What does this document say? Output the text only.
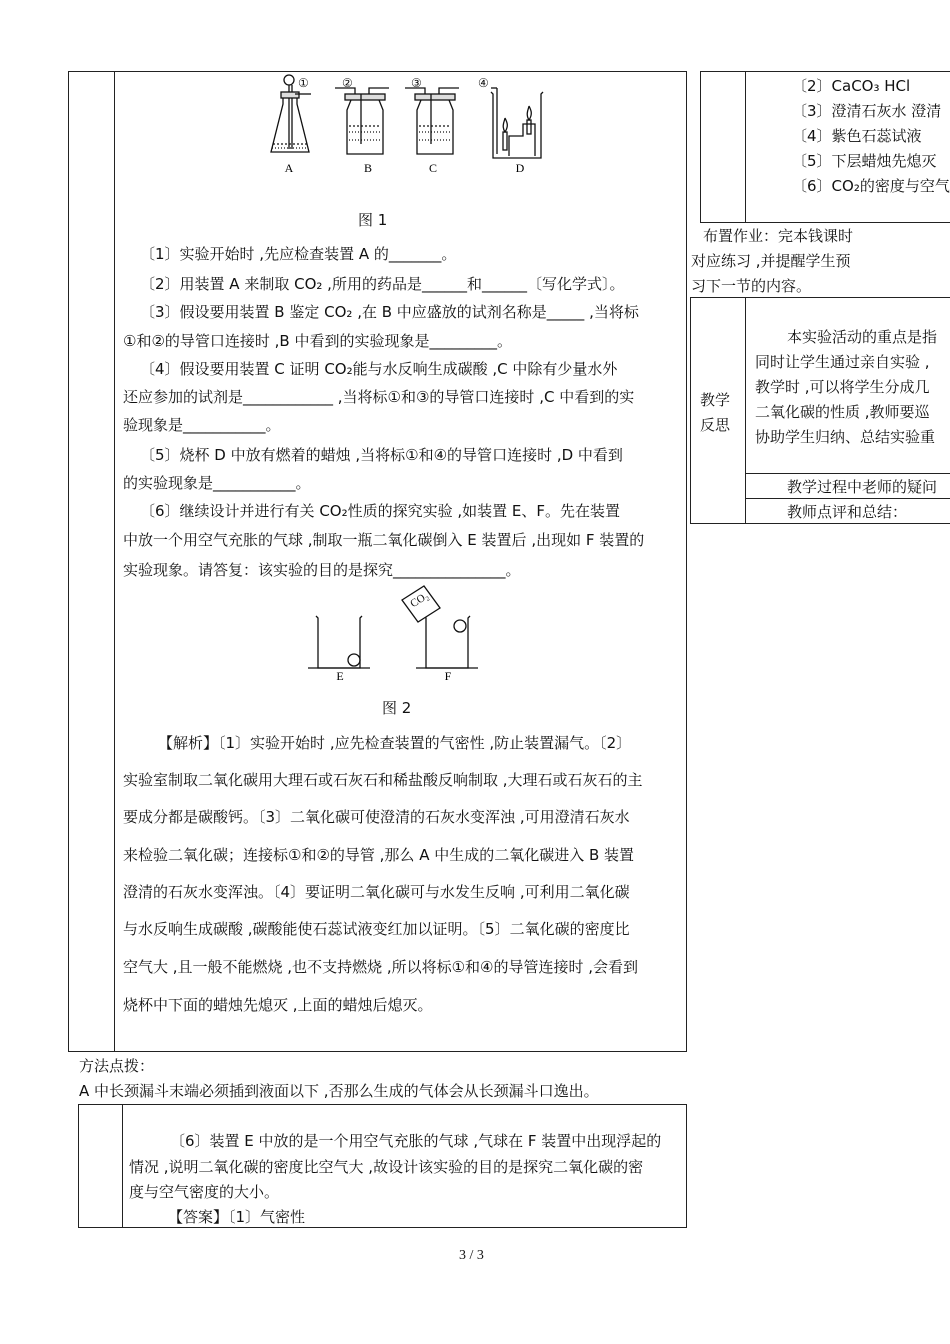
A	B	C	D
①	②	③	④
图 1
〔1〕实验开始时 ,先应检查装置 A 的_______。
〔2〕用装置 A 来制取 CO₂ ,所用的药品是______和______〔写化学式〕。
〔3〕假设要用装置 B 鉴定 CO₂ ,在 B 中应盛放的试剂名称是_____ ,当将标
①和②的导管口连接时 ,B 中看到的实验现象是_________。
〔4〕假设要用装置 C 证明 CO₂能与水反响生成碳酸 ,C 中除有少量水外
还应参加的试剂是____________ ,当将标①和③的导管口连接时 ,C 中看到的实
验现象是___________。
〔5〕烧杯 D 中放有燃着的蜡烛 ,当将标①和④的导管口连接时 ,D 中看到
的实验现象是___________。
〔6〕继续设计并进行有关 CO₂性质的探究实验 ,如装置 E、F。先在装置
中放一个用空气充胀的气球 ,制取一瓶二氧化碳倒入 E 装置后 ,出现如 F 装置的
实验现象。请答复：该实验的目的是探究_______________。
E	F
CO₂
图 2
【解析】〔1〕实验开始时 ,应先检查装置的气密性 ,防止装置漏气。〔2〕
实验室制取二氧化碳用大理石或石灰石和稀盐酸反响制取 ,大理石或石灰石的主
要成分都是碳酸钙。〔3〕二氧化碳可使澄清的石灰水变浑浊 ,可用澄清石灰水
来检验二氧化碳；连接标①和②的导管 ,那么 A 中生成的二氧化碳进入 B 装置
澄清的石灰水变浑浊。〔4〕要证明二氧化碳可与水发生反响 ,可利用二氧化碳
与水反响生成碳酸 ,碳酸能使石蕊试液变红加以证明。〔5〕二氧化碳的密度比
空气大 ,且一般不能燃烧 ,也不支持燃烧 ,所以将标①和④的导管连接时 ,会看到
烧杯中下面的蜡烛先熄灭 ,上面的蜡烛后熄灭。
方法点拨：
A 中长颈漏斗末端必须插到液面以下 ,否那么生成的气体会从长颈漏斗口逸出。
〔6〕装置 E 中放的是一个用空气充胀的气球 ,气球在 F 装置中出现浮起的
情况 ,说明二氧化碳的密度比空气大 ,故设计该实验的目的是探究二氧化碳的密
度与空气密度的大小。
【答案】〔1〕气密性
〔2〕CaCO₃ HCl
〔3〕澄清石灰水 澄清
〔4〕紫色石蕊试液
〔5〕下层蜡烛先熄灭
〔6〕CO₂的密度与空气
布置作业：完本钱课时
对应练习 ,并提醒学生预
习下一节的内容。
教学
反思
本实验活动的重点是指
同时让学生通过亲自实验 ,
教学时 ,可以将学生分成几
二氧化碳的性质 ,教师要巡
协助学生归纳、总结实验重
教学过程中老师的疑问
教师点评和总结：
3 / 3
